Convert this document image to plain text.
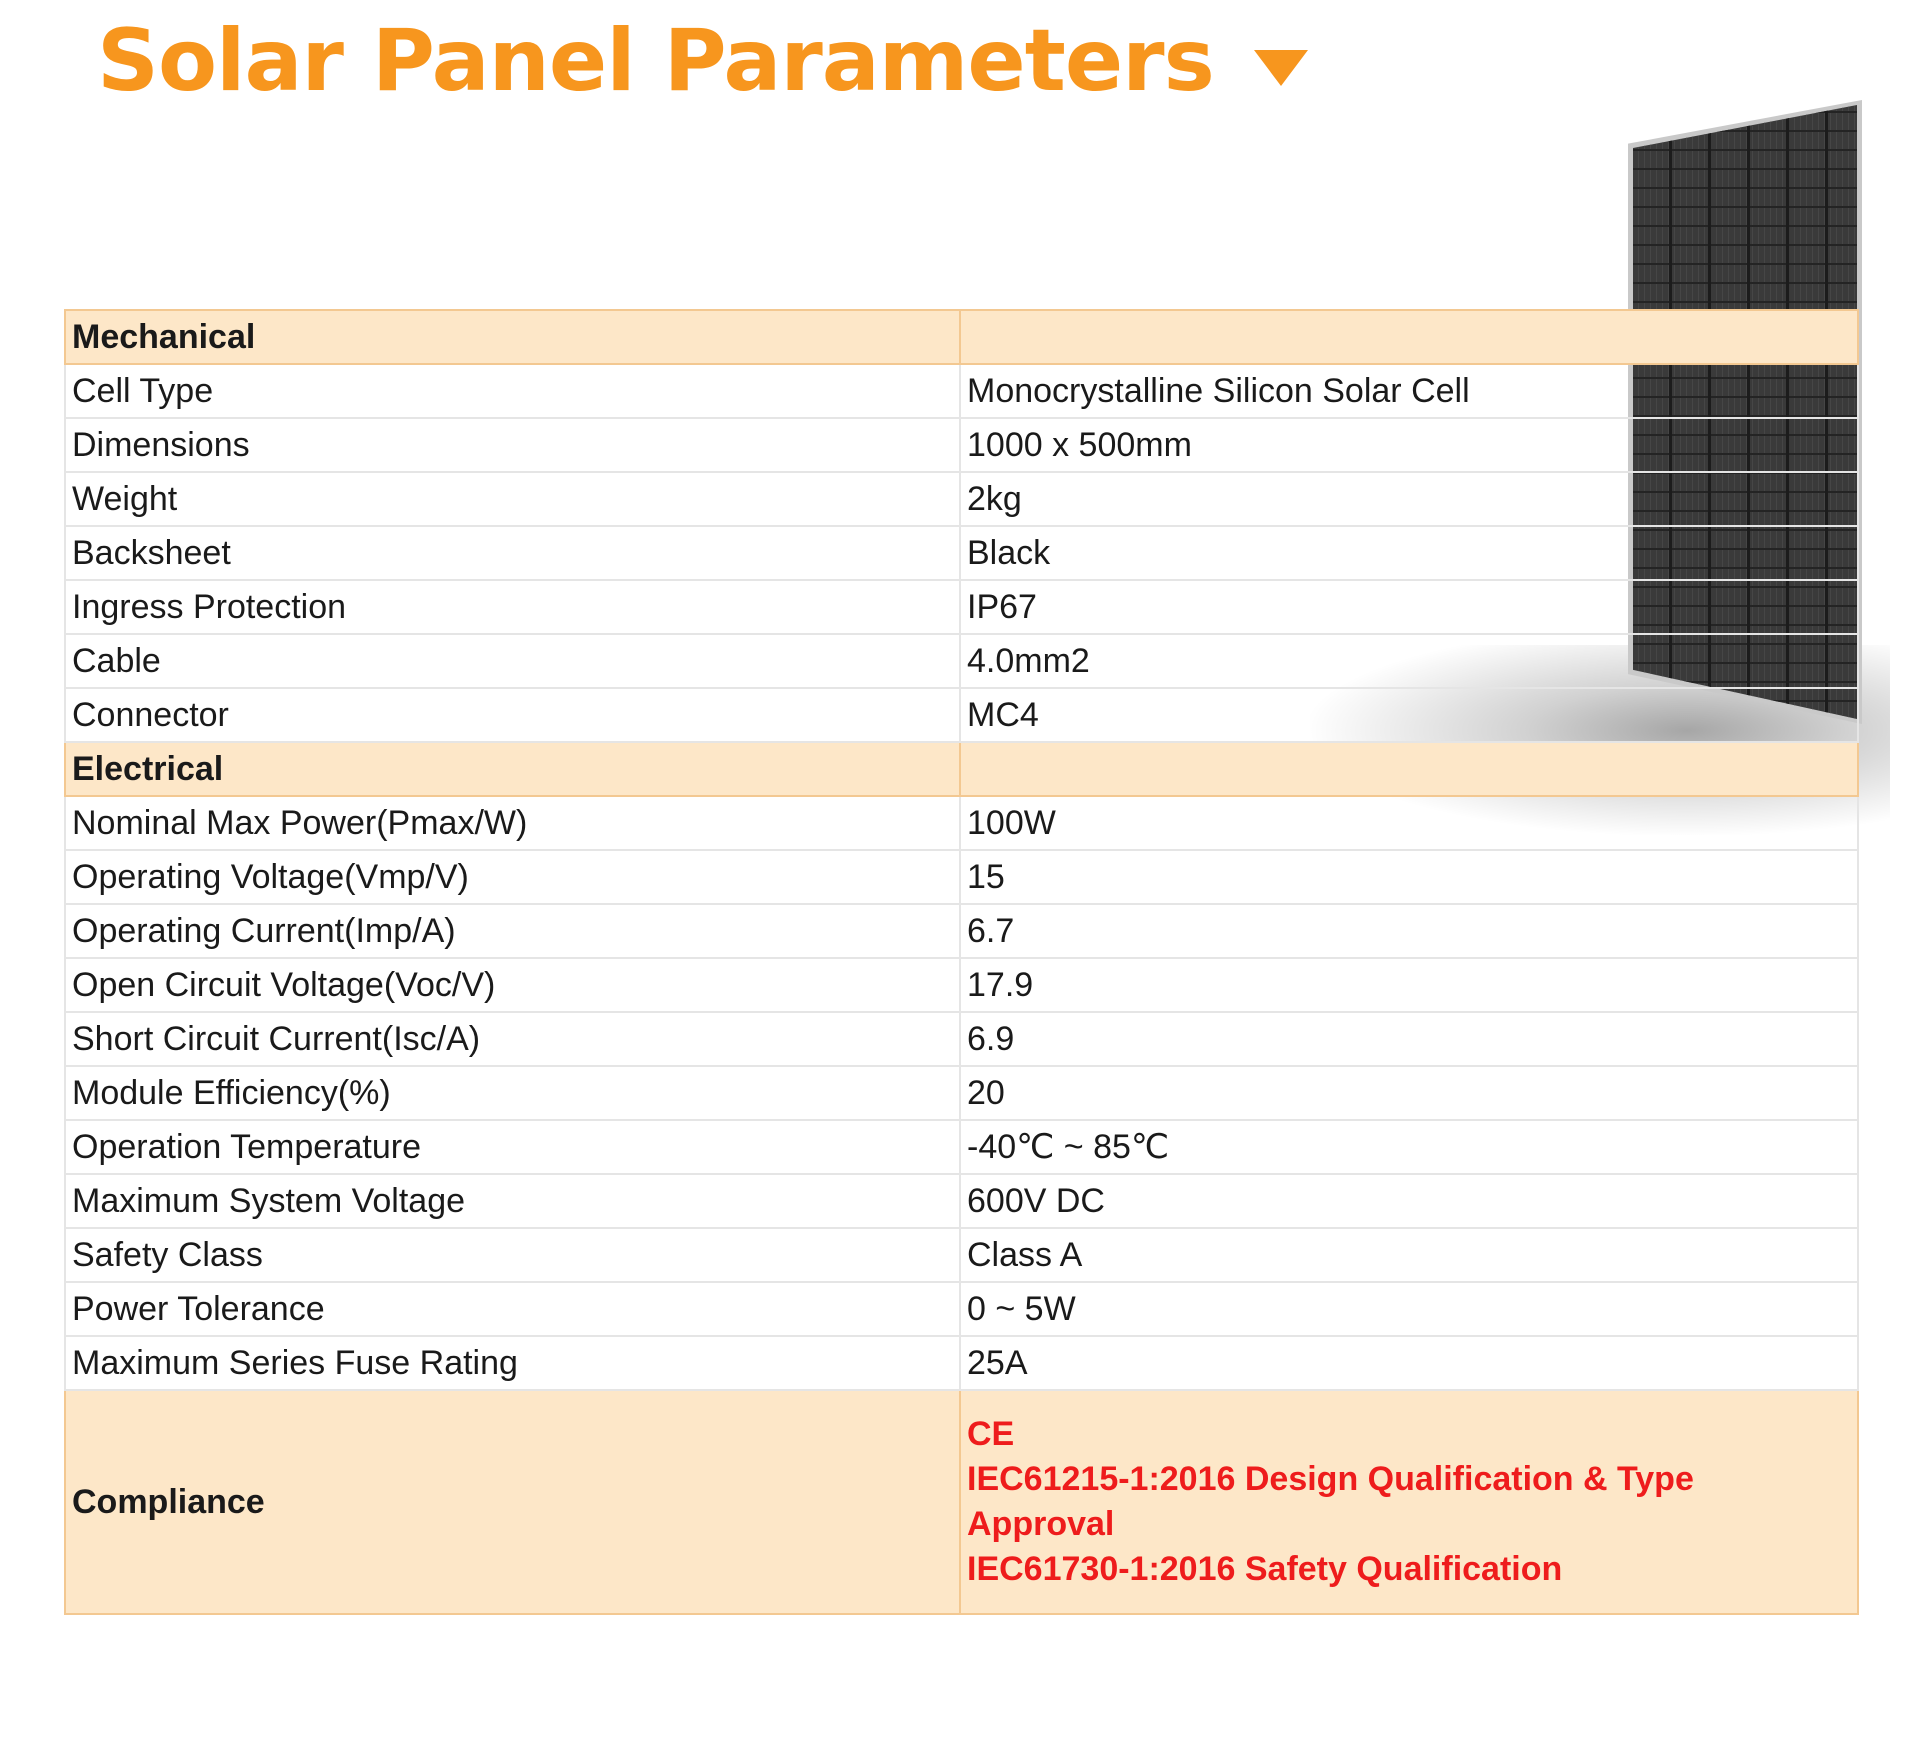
Solar Panel Parameters
Mechanical	
Cell Type	Monocrystalline Silicon Solar Cell
Dimensions	1000 x 500mm
Weight	2kg
Backsheet	Black
Ingress Protection	IP67
Cable	4.0mm2
Connector	MC4
Electrical	
Nominal Max Power(Pmax/W)	100W
Operating Voltage(Vmp/V)	15
Operating Current(Imp/A)	6.7
Open Circuit Voltage(Voc/V)	17.9
Short Circuit Current(Isc/A)	6.9
Module Efficiency(%)	20
Operation Temperature	-40℃ ~ 85℃
Maximum System Voltage	600V DC
Safety Class	Class A
Power Tolerance	0 ~ 5W
Maximum Series Fuse Rating	25A
Compliance	CE
IEC61215-1:2016 Design Qualification & Type Approval
IEC61730-1:2016 Safety Qualification
